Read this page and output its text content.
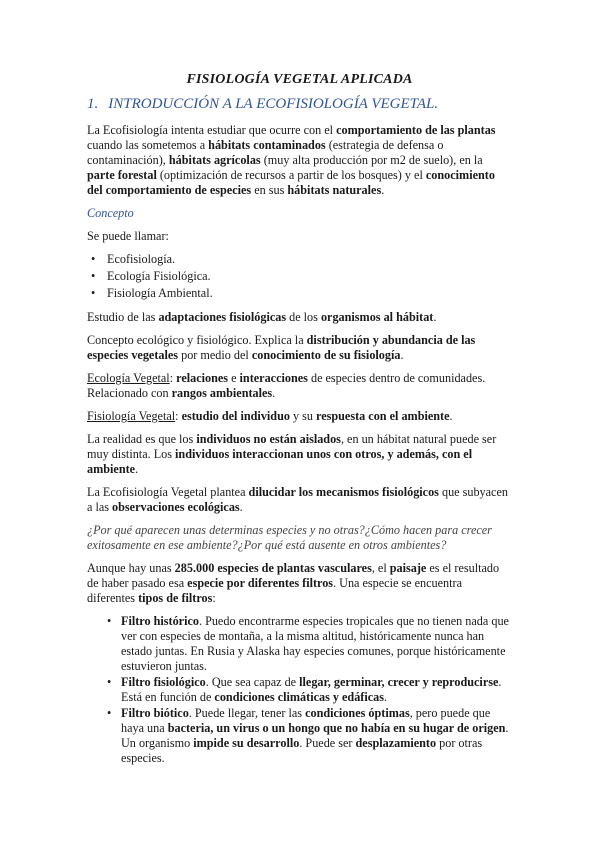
FISIOLOGÍA VEGETAL APLICADA
1. INTRODUCCIÓN A LA ECOFISIOLOGÍA VEGETAL.

La Ecofisiología intenta estudiar que ocurre con el comportamiento de las plantas cuando las sometemos a hábitats contaminados (estrategia de defensa o contaminación), hábitats agrícolas (muy alta producción por m2 de suelo), en la parte forestal (optimización de recursos a partir de los bosques) y el conocimiento del comportamiento de especies en sus hábitats naturales.

Concepto

Se puede llamar:

• Ecofisiología.
• Ecología Fisiológica.
• Fisiología Ambiental.

Estudio de las adaptaciones fisiológicas de los organismos al hábitat.

Concepto ecológico y fisiológico. Explica la distribución y abundancia de las especies vegetales por medio del conocimiento de su fisiología.

Ecología Vegetal: relaciones e interacciones de especies dentro de comunidades. Relacionado con rangos ambientales.

Fisiología Vegetal: estudio del individuo y su respuesta con el ambiente.

La realidad es que los individuos no están aislados, en un hábitat natural puede ser muy distinta. Los individuos interaccionan unos con otros, y además, con el ambiente.

La Ecofisiología Vegetal plantea dilucidar los mecanismos fisiológicos que subyacen a las observaciones ecológicas.

¿Por qué aparecen unas determinas especies y no otras?¿Cómo hacen para crecer exitosamente en ese ambiente?¿Por qué está ausente en otros ambientes?

Aunque hay unas 285.000 especies de plantas vasculares, el paisaje es el resultado de haber pasado esa especie por diferentes filtros. Una especie se encuentra diferentes tipos de filtros:

• Filtro histórico. Puedo encontrarme especies tropicales que no tienen nada que ver con especies de montaña, a la misma altitud, históricamente nunca han estado juntas. En Rusia y Alaska hay especies comunes, porque históricamente estuvieron juntas.
• Filtro fisiológico. Que sea capaz de llegar, germinar, crecer y reproducirse. Está en función de condiciones climáticas y edáficas.
• Filtro biótico. Puede llegar, tener las condiciones óptimas, pero puede que haya una bacteria, un virus o un hongo que no había en su hugar de origen. Un organismo impide su desarrollo. Puede ser desplazamiento por otras especies.
